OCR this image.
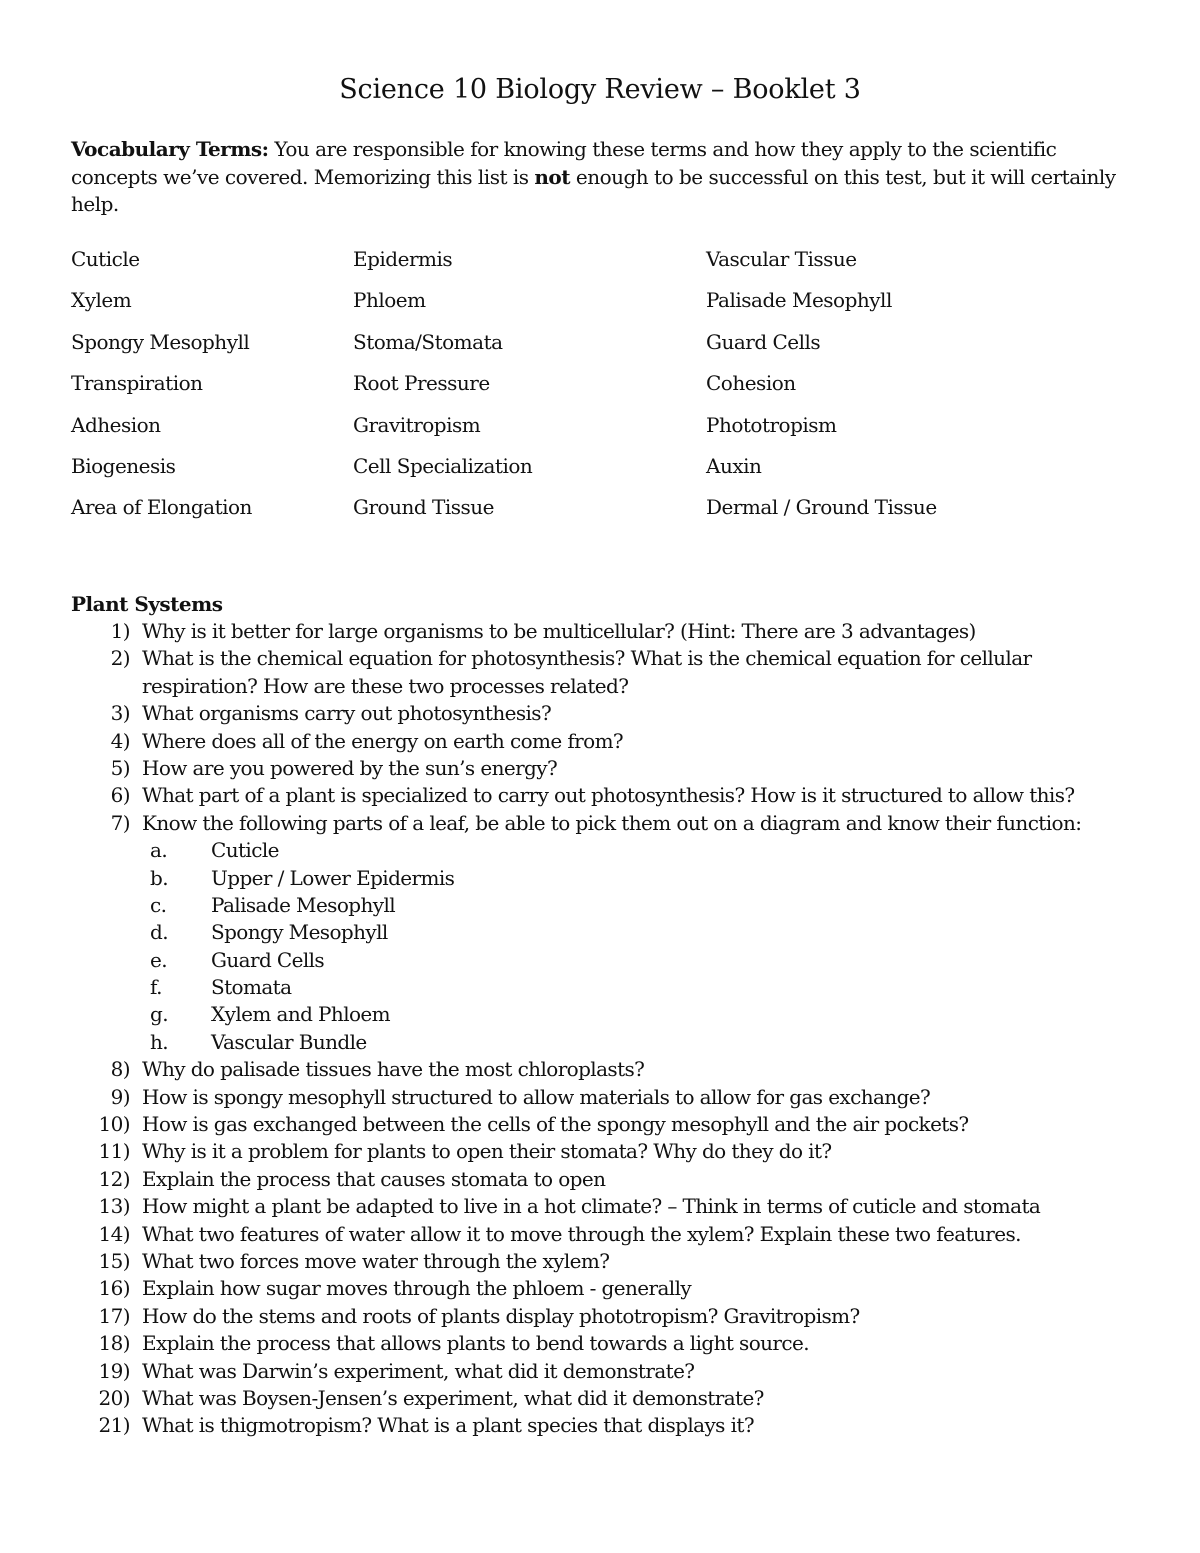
Science 10 Biology Review – Booklet 3
Vocabulary Terms: You are responsible for knowing these terms and how they apply to the scientific concepts we’ve covered. Memorizing this list is not enough to be successful on this test, but it will certainly help.
Cuticle	Epidermis	Vascular Tissue
Xylem	Phloem	Palisade Mesophyll
Spongy Mesophyll	Stoma/Stomata	Guard Cells
Transpiration	Root Pressure	Cohesion
Adhesion	Gravitropism	Phototropism
Biogenesis	Cell Specialization	Auxin
Area of Elongation	Ground Tissue	Dermal / Ground Tissue
Plant Systems
1) Why is it better for large organisms to be multicellular? (Hint: There are 3 advantages)
2) What is the chemical equation for photosynthesis? What is the chemical equation for cellular
respiration? How are these two processes related?
3) What organisms carry out photosynthesis?
4) Where does all of the energy on earth come from?
5) How are you powered by the sun’s energy?
6) What part of a plant is specialized to carry out photosynthesis? How is it structured to allow this?
7) Know the following parts of a leaf, be able to pick them out on a diagram and know their function:
a.	Cuticle
b.	Upper / Lower Epidermis
c.	Palisade Mesophyll
d.	Spongy Mesophyll
e.	Guard Cells
f.	Stomata
g.	Xylem and Phloem
h.	Vascular Bundle
8) Why do palisade tissues have the most chloroplasts?
9) How is spongy mesophyll structured to allow materials to allow for gas exchange?
10) How is gas exchanged between the cells of the spongy mesophyll and the air pockets?
11) Why is it a problem for plants to open their stomata? Why do they do it?
12) Explain the process that causes stomata to open
13) How might a plant be adapted to live in a hot climate? – Think in terms of cuticle and stomata
14) What two features of water allow it to move through the xylem? Explain these two features.
15) What two forces move water through the xylem?
16) Explain how sugar moves through the phloem - generally
17) How do the stems and roots of plants display phototropism? Gravitropism?
18) Explain the process that allows plants to bend towards a light source.
19) What was Darwin’s experiment, what did it demonstrate?
20) What was Boysen-Jensen’s experiment, what did it demonstrate?
21) What is thigmotropism? What is a plant species that displays it?
